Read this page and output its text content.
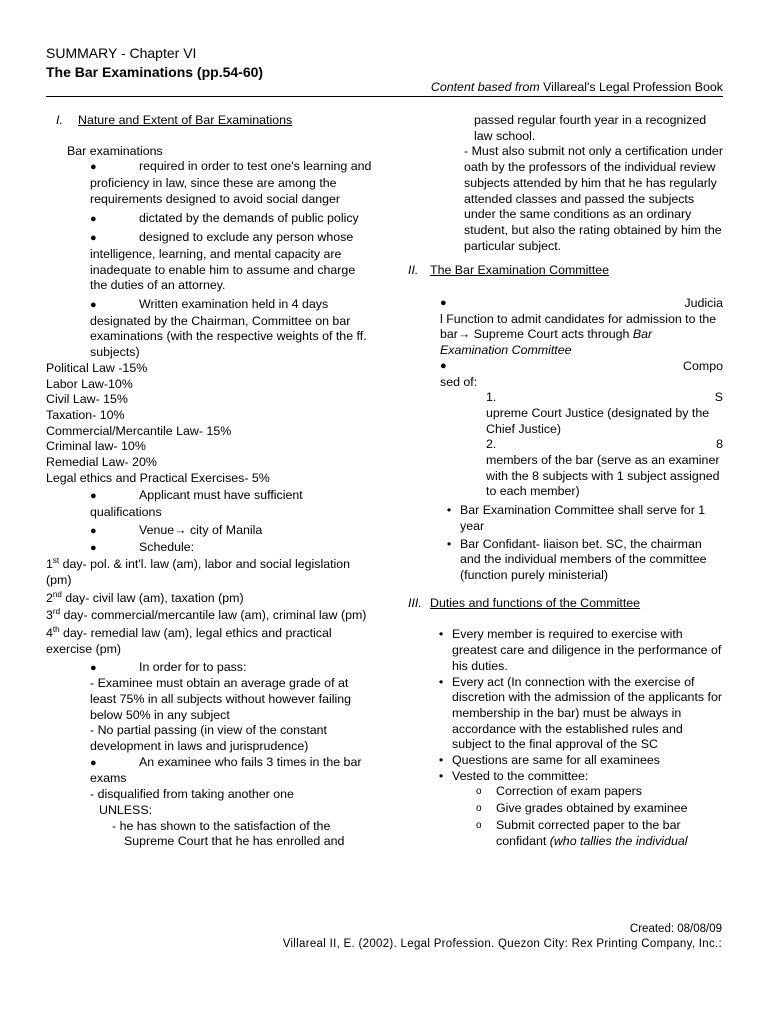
SUMMARY - Chapter VI
The Bar Examinations (pp.54-60)
Content based from Villareal's Legal Profession Book
I.	Nature and Extent of Bar Examinations

Bar examinations

●	required in order to test one's learning and proficiency in law, since these are among the requirements designed to avoid social danger

●	dictated by the demands of public policy

●	designed to exclude any person whose intelligence, learning, and mental capacity are inadequate to enable him to assume and charge the duties of an attorney.

●	Written examination held in 4 days designated by the Chairman, Committee on bar examinations (with the respective weights of the ff. subjects)

Political Law -15%

Labor Law-10%

Civil Law- 15%

Taxation- 10%

Commercial/Mercantile Law- 15%

Criminal law- 10%

Remedial Law- 20%

Legal ethics and Practical Exercises- 5%

●	Applicant must have sufficient qualifications

●	Venue→ city of Manila

●	Schedule:

1st day- pol. & int'l. law (am), labor and social legislation (pm)

2nd day- civil law (am), taxation (pm)

3rd day- commercial/mercantile law (am), criminal law (pm)

4th day- remedial law (am), legal ethics and practical exercise (pm)

●	In order for to pass:

- Examinee must obtain an average grade of at least 75% in all subjects without however failing below 50% in any subject

- No partial passing (in view of the constant development in laws and jurisprudence)

●	An examinee who fails 3 times in the bar exams

- disqualified from taking another one

UNLESS:

- he has shown to the satisfaction of the

Supreme Court that he has enrolled and

passed regular fourth year in a recognized law school.

- Must also submit not only a certification under oath by the professors of the individual review subjects attended by him that he has regularly attended classes and passed the subjects under the same conditions as an ordinary student, but also the rating obtained by him the particular subject.

II. The Bar Examination Committee

●	Judicia

l Function to admit candidates for admission to the bar→ Supreme Court acts through Bar Examination Committee

●	Compo

sed of:

1.	S

upreme Court Justice (designated by the Chief Justice)

2.	8

members of the bar (serve as an examiner with the 8 subjects with 1 subject assigned to each member)

• Bar Examination Committee shall serve for 1 year
• Bar Confidant- liaison bet. SC, the chairman and the individual members of the committee (function purely ministerial)
III. Duties and functions of the Committee
• Every member is required to exercise with greatest care and diligence in the performance of his duties.
• Every act (In connection with the exercise of discretion with the admission of the applicants for membership in the bar) must be always in accordance with the established rules and subject to the final approval of the SC
• Questions are same for all examinees
• Vested to the committee:
o	Correction of exam papers
o	Give grades obtained by examinee
o	Submit corrected paper to the bar confidant (who tallies the individual
Created: 08/08/09
Villareal II, E. (2002). Legal Profession. Quezon City: Rex Printing Company, Inc.:
